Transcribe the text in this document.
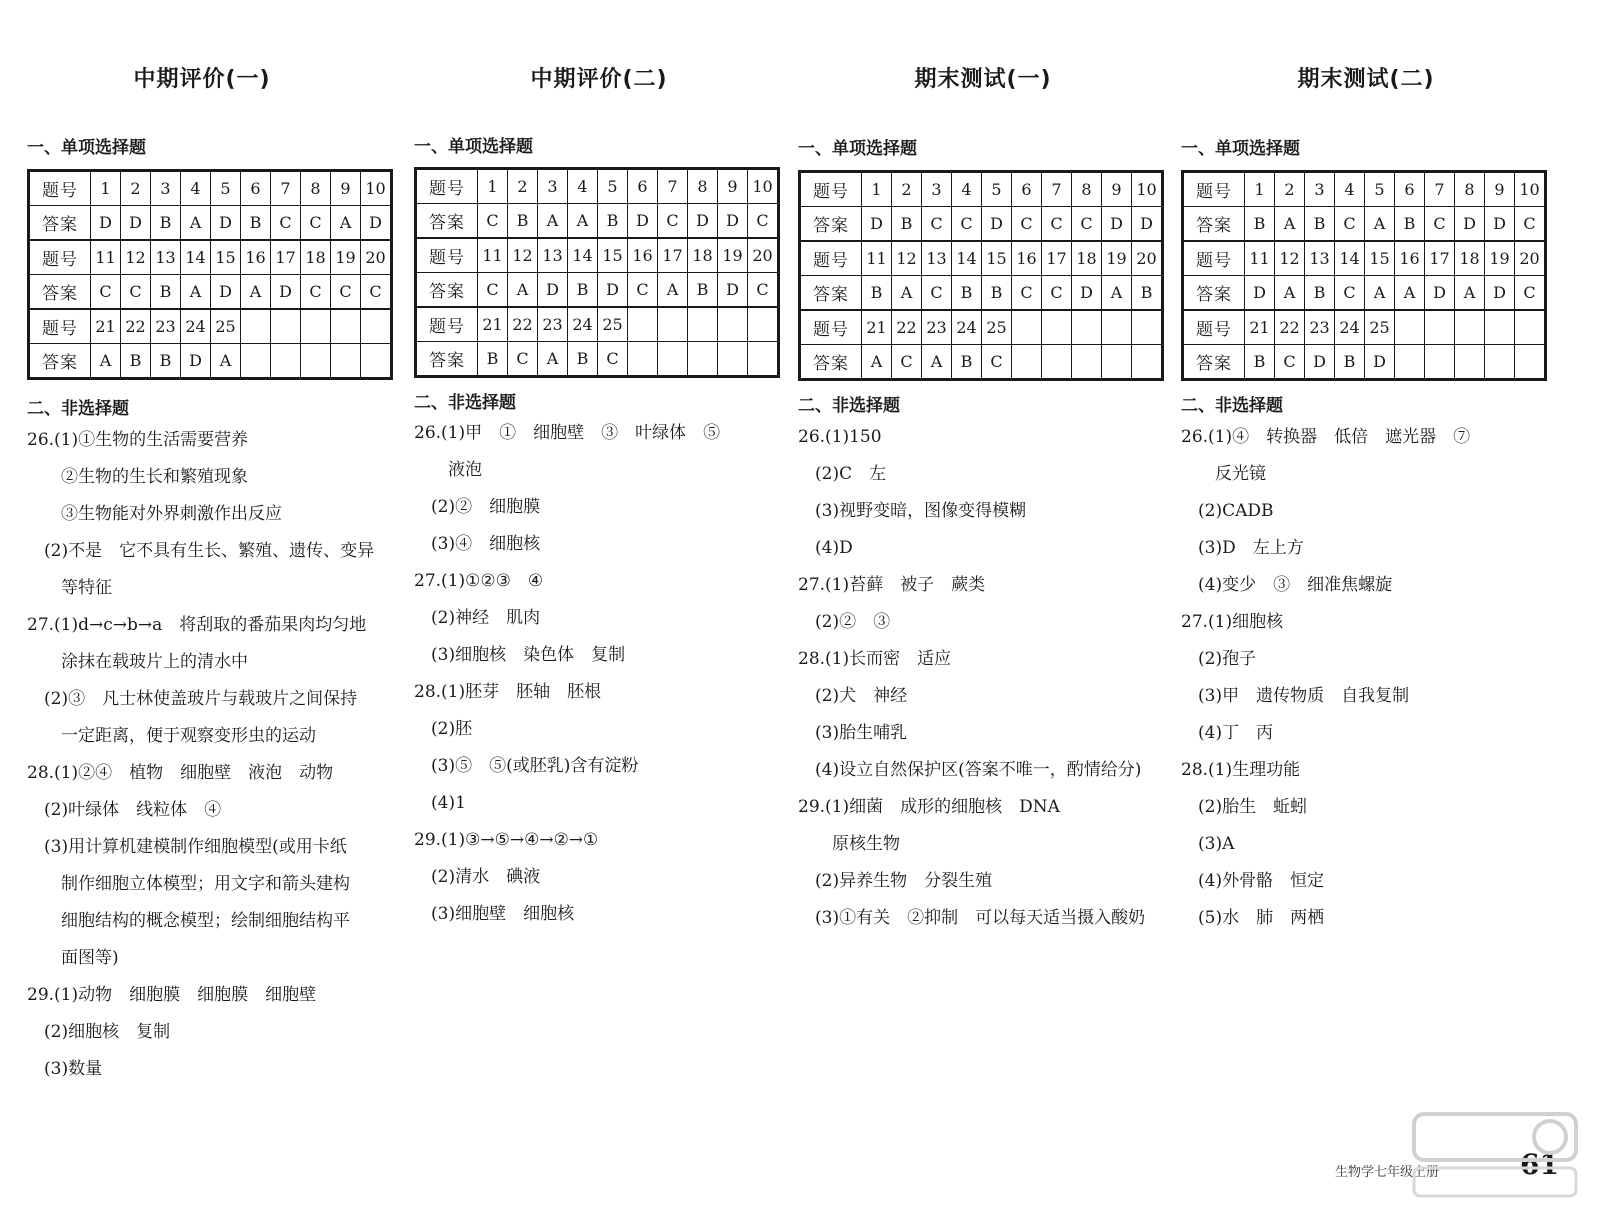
中期评价(一)
一、单项选择题
题号	1	2	3	4	5	6	7	8	9	10
答案	D	D	B	A	D	B	C	C	A	D
题号	11	12	13	14	15	16	17	18	19	20
答案	C	C	B	A	D	A	D	C	C	C
题号	21	22	23	24	25					
答案	A	B	B	D	A					
二、非选择题
26.(1)①生物的生活需要营养
　　②生物的生长和繁殖现象
　　③生物能对外界刺激作出反应
　(2)不是　它不具有生长、繁殖、遗传、变异
　　等特征
27.(1)d→c→b→a　将刮取的番茄果肉均匀地
　　涂抹在载玻片上的清水中
　(2)③　凡士林使盖玻片与载玻片之间保持
　　一定距离，便于观察变形虫的运动
28.(1)②④　植物　细胞壁　液泡　动物
　(2)叶绿体　线粒体　④
　(3)用计算机建模制作细胞模型(或用卡纸
　　制作细胞立体模型；用文字和箭头建构
　　细胞结构的概念模型；绘制细胞结构平
　　面图等)
29.(1)动物　细胞膜　细胞膜　细胞壁
　(2)细胞核　复制
　(3)数量
中期评价(二)
一、单项选择题
题号	1	2	3	4	5	6	7	8	9	10
答案	C	B	A	A	B	D	C	D	D	C
题号	11	12	13	14	15	16	17	18	19	20
答案	C	A	D	B	D	C	A	B	D	C
题号	21	22	23	24	25					
答案	B	C	A	B	C					
二、非选择题
26.(1)甲　①　细胞壁　③　叶绿体　⑤
　　液泡
　(2)②　细胞膜
　(3)④　细胞核
27.(1)①②③　④
　(2)神经　肌肉
　(3)细胞核　染色体　复制
28.(1)胚芽　胚轴　胚根
　(2)胚
　(3)⑤　⑤(或胚乳)含有淀粉
　(4)1
29.(1)③→⑤→④→②→①
　(2)清水　碘液
　(3)细胞壁　细胞核
期末测试(一)
一、单项选择题
题号	1	2	3	4	5	6	7	8	9	10
答案	D	B	C	C	D	C	C	C	D	D
题号	11	12	13	14	15	16	17	18	19	20
答案	B	A	C	B	B	C	C	D	A	B
题号	21	22	23	24	25					
答案	A	C	A	B	C					
二、非选择题
26.(1)150
　(2)C　左
　(3)视野变暗，图像变得模糊
　(4)D
27.(1)苔藓　被子　蕨类
　(2)②　③
28.(1)长而密　适应
　(2)犬　神经
　(3)胎生哺乳
　(4)设立自然保护区(答案不唯一，酌情给分)
29.(1)细菌　成形的细胞核　DNA
　　原核生物
　(2)异养生物　分裂生殖
　(3)①有关　②抑制　可以每天适当摄入酸奶
期末测试(二)
一、单项选择题
题号	1	2	3	4	5	6	7	8	9	10
答案	B	A	B	C	A	B	C	D	D	C
题号	11	12	13	14	15	16	17	18	19	20
答案	D	A	B	C	A	A	D	A	D	C
题号	21	22	23	24	25					
答案	B	C	D	B	D					
二、非选择题
26.(1)④　转换器　低倍　遮光器　⑦
　　反光镜
　(2)CADB
　(3)D　左上方
　(4)变少　③　细准焦螺旋
27.(1)细胞核
　(2)孢子
　(3)甲　遗传物质　自我复制
　(4)丁　丙
28.(1)生理功能
　(2)胎生　蚯蚓
　(3)A
　(4)外骨骼　恒定
　(5)水　肺　两栖
生物学七年级上册	61
